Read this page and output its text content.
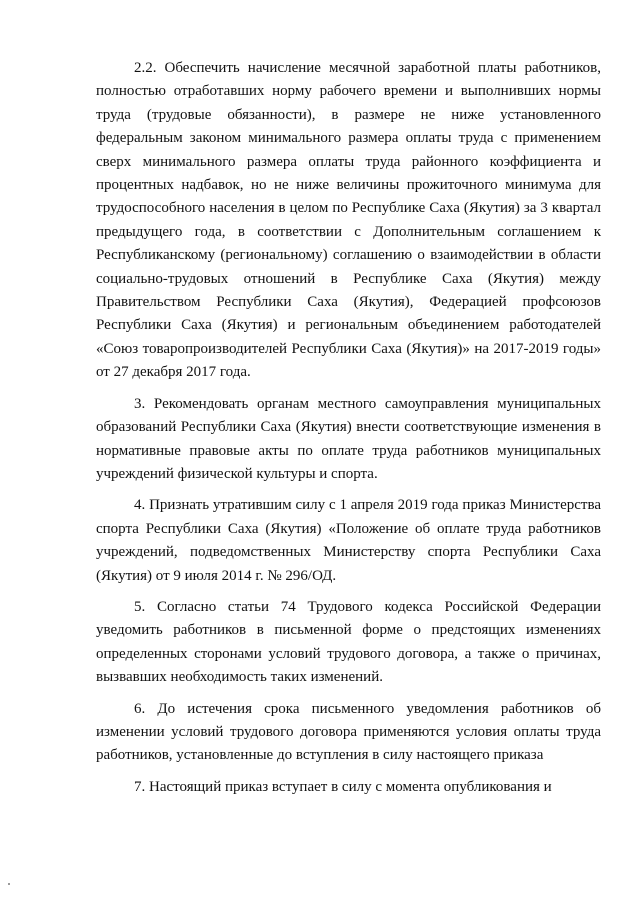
2.2. Обеспечить начисление месячной заработной платы работников, полностью отработавших норму рабочего времени и выполнивших нормы труда (трудовые обязанности), в размере не ниже установленного федеральным законом минимального размера оплаты труда с применением сверх минимального размера оплаты труда районного коэффициента и процентных надбавок, но не ниже величины прожиточного минимума для трудоспособного населения в целом по Республике Саха (Якутия) за 3 квартал предыдущего года, в соответствии с Дополнительным соглашением к Республиканскому (региональному) соглашению о взаимодействии в области социально-трудовых отношений в Республике Саха (Якутия) между Правительством Республики Саха (Якутия), Федерацией профсоюзов Республики Саха (Якутия) и региональным объединением работодателей «Союз товаропроизводителей Республики Саха (Якутия)» на 2017-2019 годы» от 27 декабря 2017 года.

3. Рекомендовать органам местного самоуправления муниципальных образований Республики Саха (Якутия) внести соответствующие изменения в нормативные правовые акты по оплате труда работников муниципальных учреждений физической культуры и спорта.

4. Признать утратившим силу с 1 апреля 2019 года приказ Министерства спорта Республики Саха (Якутия) «Положение об оплате труда работников учреждений, подведомственных Министерству спорта Республики Саха (Якутия) от 9 июля 2014 г. № 296/ОД.

5. Согласно статьи 74 Трудового кодекса Российской Федерации уведомить работников в письменной форме о предстоящих изменениях определенных сторонами условий трудового договора, а также о причинах, вызвавших необходимость таких изменений.

6. До истечения срока письменного уведомления работников об изменении условий трудового договора применяются условия оплаты труда работников, установленные до вступления в силу настоящего приказа

7. Настоящий приказ вступает в силу с момента опубликования и
